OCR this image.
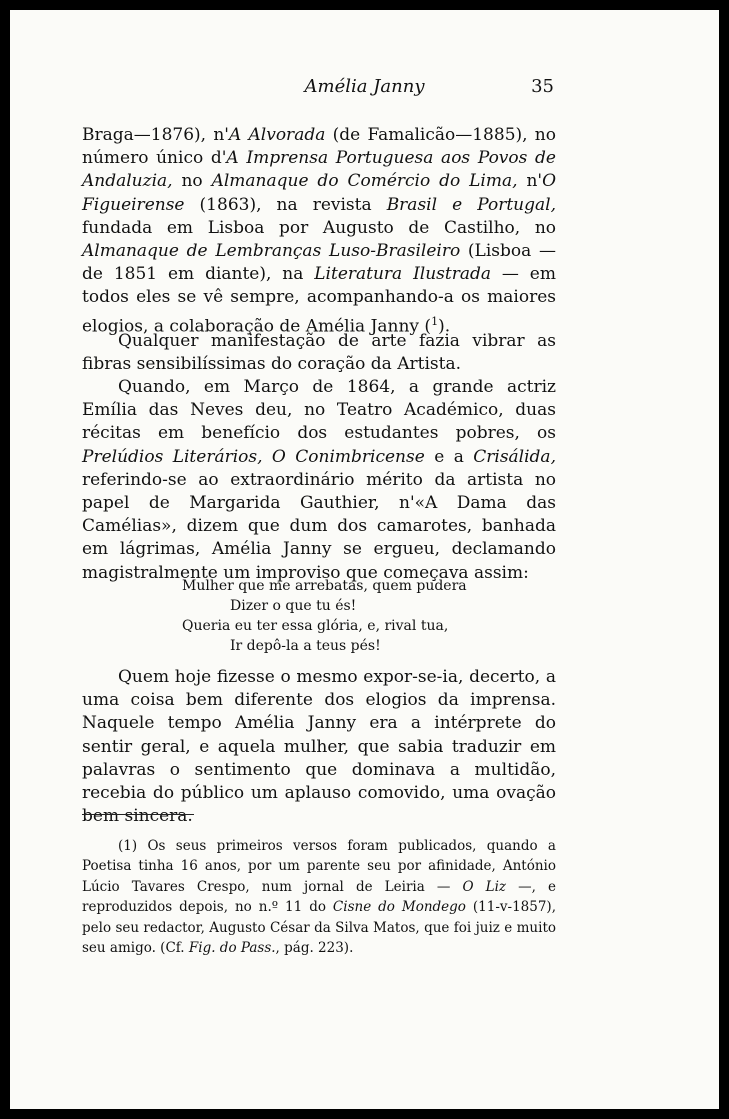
Amélia Janny	35

Braga—1876), n'A Alvorada (de Famalicão—1885), no número único d'A Imprensa Portuguesa aos Povos de Andaluzia, no Almanaque do Comércio do Lima, n'O Figueirense (1863), na revista Brasil e Portugal, fundada em Lisboa por Augusto de Castilho, no Almanaque de Lembranças Luso-Brasileiro (Lisboa — de 1851 em diante), na Literatura Ilustrada — em todos eles se vê sempre, acompanhando-a os maiores elogios, a colaboração de Amélia Janny ($^1$).

Qualquer manifestação de arte fazia vibrar as fibras sensibilíssimas do coração da Artista.

Quando, em Março de 1864, a grande actriz Emília das Neves deu, no Teatro Académico, duas récitas em benefício dos estudantes pobres, os Prelúdios Literários, O Conimbricense e a Crisálida, referindo-se ao extraordinário mérito da artista no papel de Margarida Gauthier, n'«A Dama das Camélias», dizem que dum dos camarotes, banhada em lágrimas, Amélia Janny se ergueu, declamando magistralmente um improviso que começava assim:

Mulher que me arrebatas, quem pudera
Dizer o que tu és!
Queria eu ter essa glória, e, rival tua,
Ir depô-la a teus pés!

Quem hoje fizesse o mesmo expor-se-ia, decerto, a uma coisa bem diferente dos elogios da imprensa. Naquele tempo Amélia Janny era a intérprete do sentir geral, e aquela mulher, que sabia traduzir em palavras o sentimento que dominava a multidão, recebia do público um aplauso comovido, uma ovação bem sincera.

(1) Os seus primeiros versos foram publicados, quando a Poetisa tinha 16 anos, por um parente seu por afinidade, António Lúcio Tavares Crespo, num jornal de Leiria — O Liz —, e reproduzidos depois, no n.º 11 do Cisne do Mondego (11-v-1857), pelo seu redactor, Augusto César da Silva Matos, que foi juiz e muito seu amigo. (Cf. Fig. do Pass., pág. 223).
